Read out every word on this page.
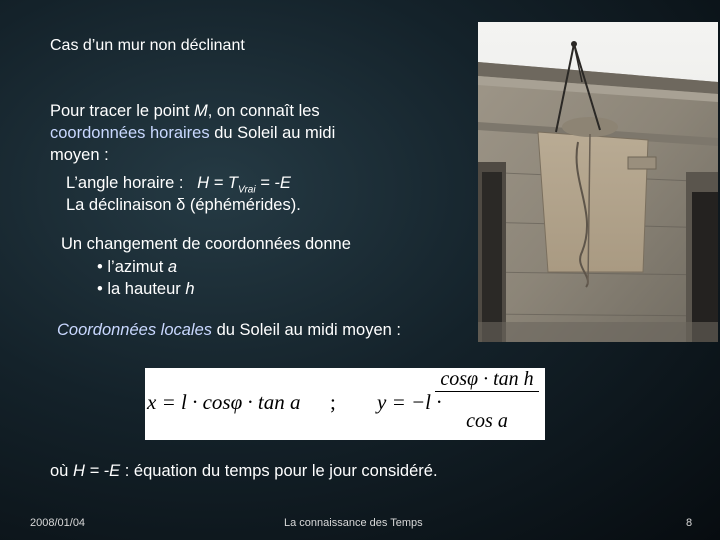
Cas d’un mur non déclinant
Pour tracer le point M, on connaît les coordonnées horaires du Soleil au midi moyen :
L’angle horaire :   $H = T_{Vrai} = -E$
La déclinaison δ (éphémérides).
Un changement de coordonnées donne
• l’azimut a
• la hauteur h
Coordonnées locales du Soleil au midi moyen :
x = l · cosφ · tan a ; y = −l ·
cosφ · tan h
cos a
où H = -E : équation du temps pour le jour considéré.
2008/01/04	La connaissance des Temps	8
